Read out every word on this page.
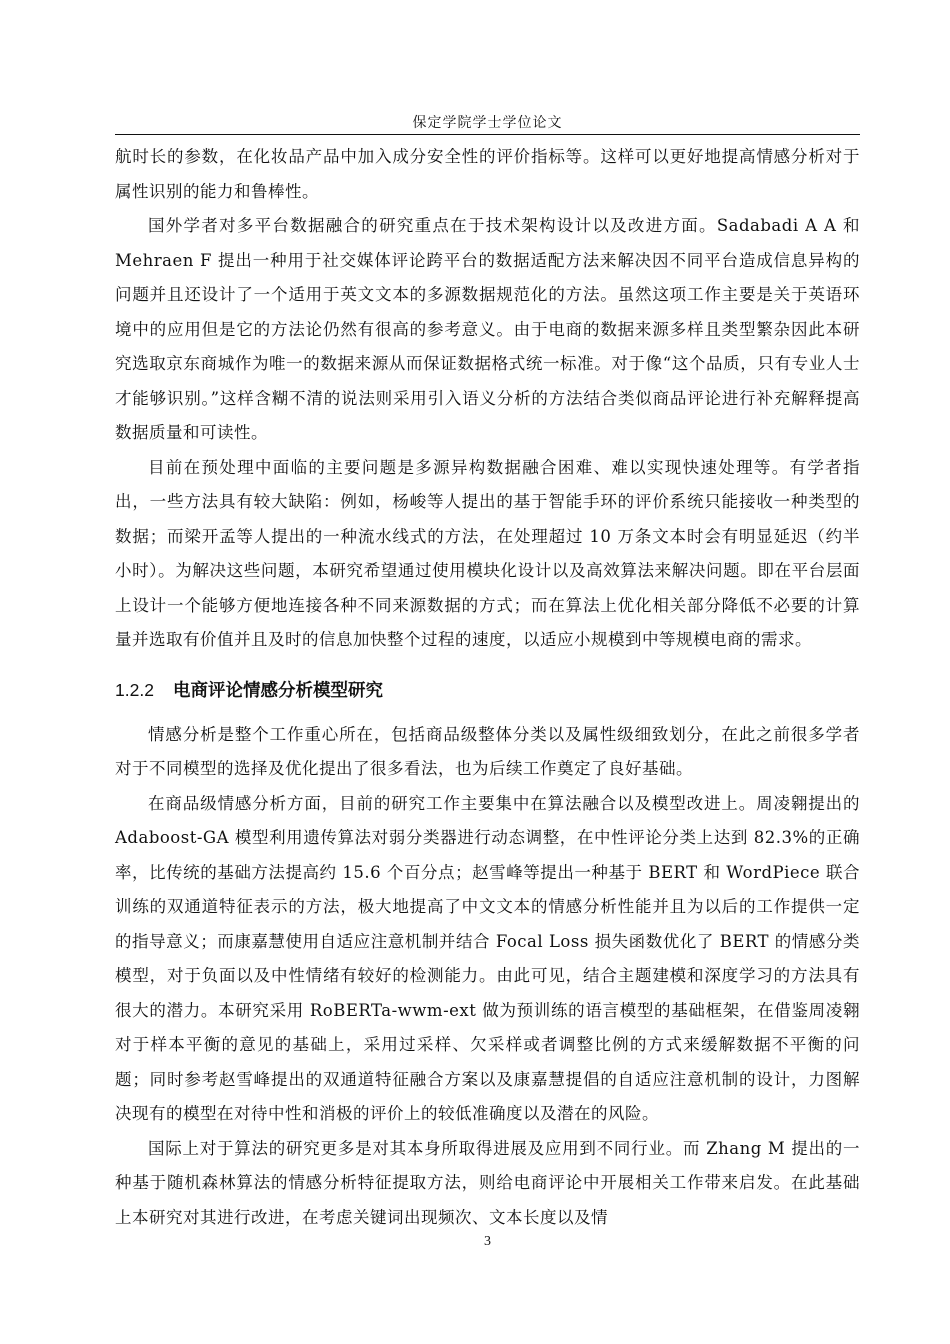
保定学院学士学位论文

航时长的参数，在化妆品产品中加入成分安全性的评价指标等。这样可以更好地提高情感分析对于属性识别的能力和鲁棒性。

国外学者对多平台数据融合的研究重点在于技术架构设计以及改进方面。Sadabadi A A 和 Mehraen F 提出一种用于社交媒体评论跨平台的数据适配方法来解决因不同平台造成信息异构的问题并且还设计了一个适用于英文文本的多源数据规范化的方法。虽然这项工作主要是关于英语环境中的应用但是它的方法论仍然有很高的参考意义。由于电商的数据来源多样且类型繁杂因此本研究选取京东商城作为唯一的数据来源从而保证数据格式统一标准。对于像“这个品质，只有专业人士才能够识别。”这样含糊不清的说法则采用引入语义分析的方法结合类似商品评论进行补充解释提高数据质量和可读性。

目前在预处理中面临的主要问题是多源异构数据融合困难、难以实现快速处理等。有学者指出，一些方法具有较大缺陷：例如，杨峻等人提出的基于智能手环的评价系统只能接收一种类型的数据；而梁开孟等人提出的一种流水线式的方法，在处理超过 10 万条文本时会有明显延迟（约半小时）。为解决这些问题，本研究希望通过使用模块化设计以及高效算法来解决问题。即在平台层面上设计一个能够方便地连接各种不同来源数据的方式；而在算法上优化相关部分降低不必要的计算量并选取有价值并且及时的信息加快整个过程的速度，以适应小规模到中等规模电商的需求。

1.2.2 电商评论情感分析模型研究

情感分析是整个工作重心所在，包括商品级整体分类以及属性级细致划分，在此之前很多学者对于不同模型的选择及优化提出了很多看法，也为后续工作奠定了良好基础。

在商品级情感分析方面，目前的研究工作主要集中在算法融合以及模型改进上。周凌翱提出的 Adaboost-GA 模型利用遗传算法对弱分类器进行动态调整，在中性评论分类上达到 82.3%的正确率，比传统的基础方法提高约 15.6 个百分点；赵雪峰等提出一种基于 BERT 和 WordPiece 联合训练的双通道特征表示的方法，极大地提高了中文文本的情感分析性能并且为以后的工作提供一定的指导意义；而康嘉慧使用自适应注意机制并结合 Focal Loss 损失函数优化了 BERT 的情感分类模型，对于负面以及中性情绪有较好的检测能力。由此可见，结合主题建模和深度学习的方法具有很大的潜力。本研究采用 RoBERTa-wwm-ext 做为预训练的语言模型的基础框架，在借鉴周凌翱对于样本平衡的意见的基础上，采用过采样、欠采样或者调整比例的方式来缓解数据不平衡的问题；同时参考赵雪峰提出的双通道特征融合方案以及康嘉慧提倡的自适应注意机制的设计，力图解决现有的模型在对待中性和消极的评价上的较低准确度以及潜在的风险。

国际上对于算法的研究更多是对其本身所取得进展及应用到不同行业。而 Zhang M 提出的一种基于随机森林算法的情感分析特征提取方法，则给电商评论中开展相关工作带来启发。在此基础上本研究对其进行改进，在考虑关键词出现频次、文本长度以及情

3
